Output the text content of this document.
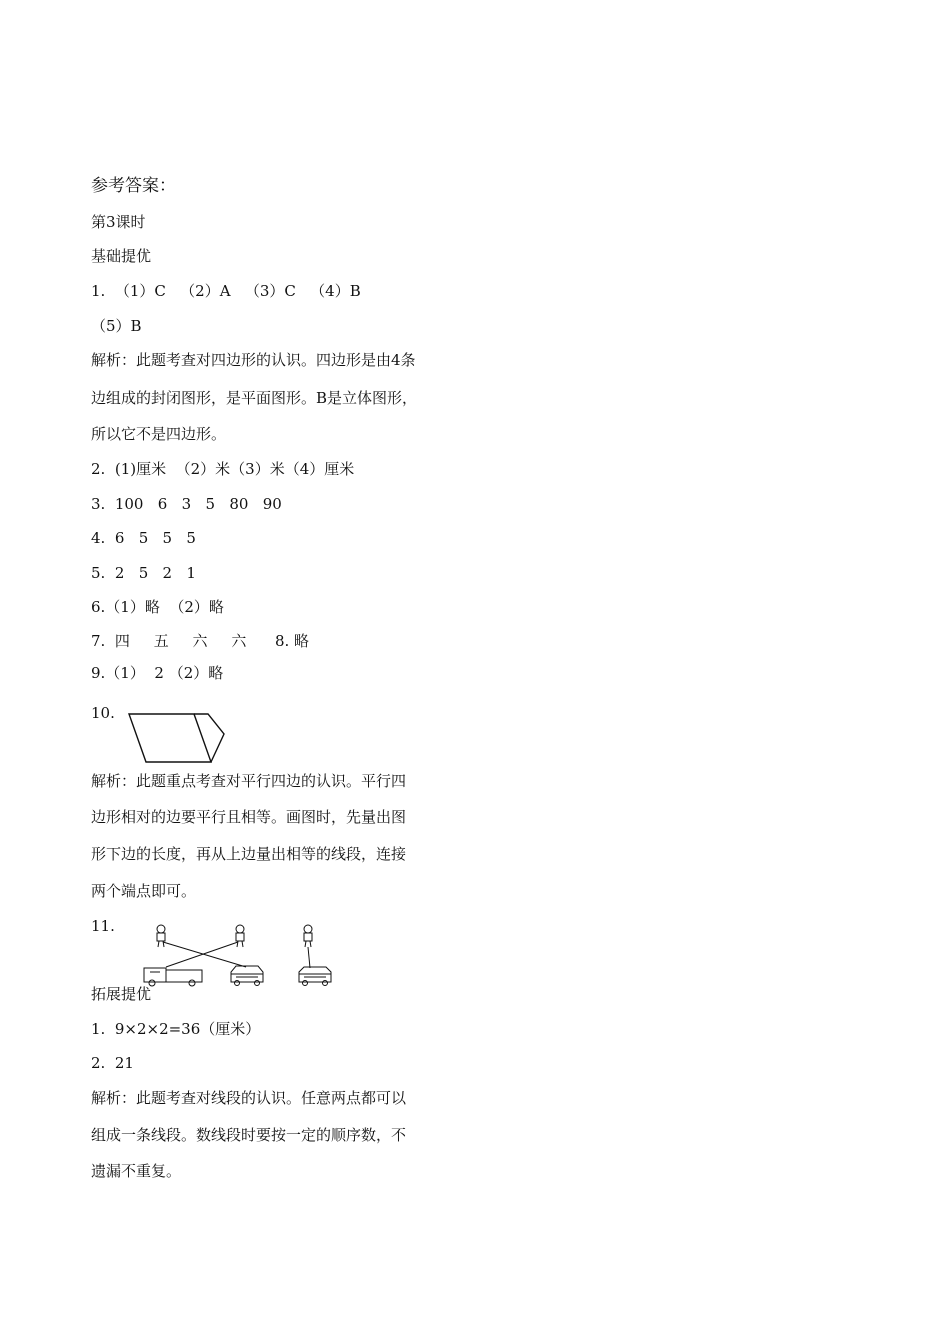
参考答案：
第3课时
基础提优
1.  （1）C   （2）A   （3）C   （4）B
（5）B
解析：此题考查对四边形的认识。四边形是由4条
边组成的封闭图形，是平面图形。B是立体图形，
所以它不是四边形。
2.  (1)厘米  （2）米（3）米（4）厘米
3.  100   6   3   5   80   90
4.  6   5   5   5
5.  2   5   2   1
6.（1）略  （2）略
7.  四     五     六     六      8. 略
9.（1）  2 （2）略
10.
解析：此题重点考查对平行四边的认识。平行四
边形相对的边要平行且相等。画图时，先量出图
形下边的长度，再从上边量出相等的线段，连接
两个端点即可。
11.
拓展提优
1.  9×2×2=36（厘米）
2.  21
解析：此题考查对线段的认识。任意两点都可以
组成一条线段。数线段时要按一定的顺序数，不
遗漏不重复。
